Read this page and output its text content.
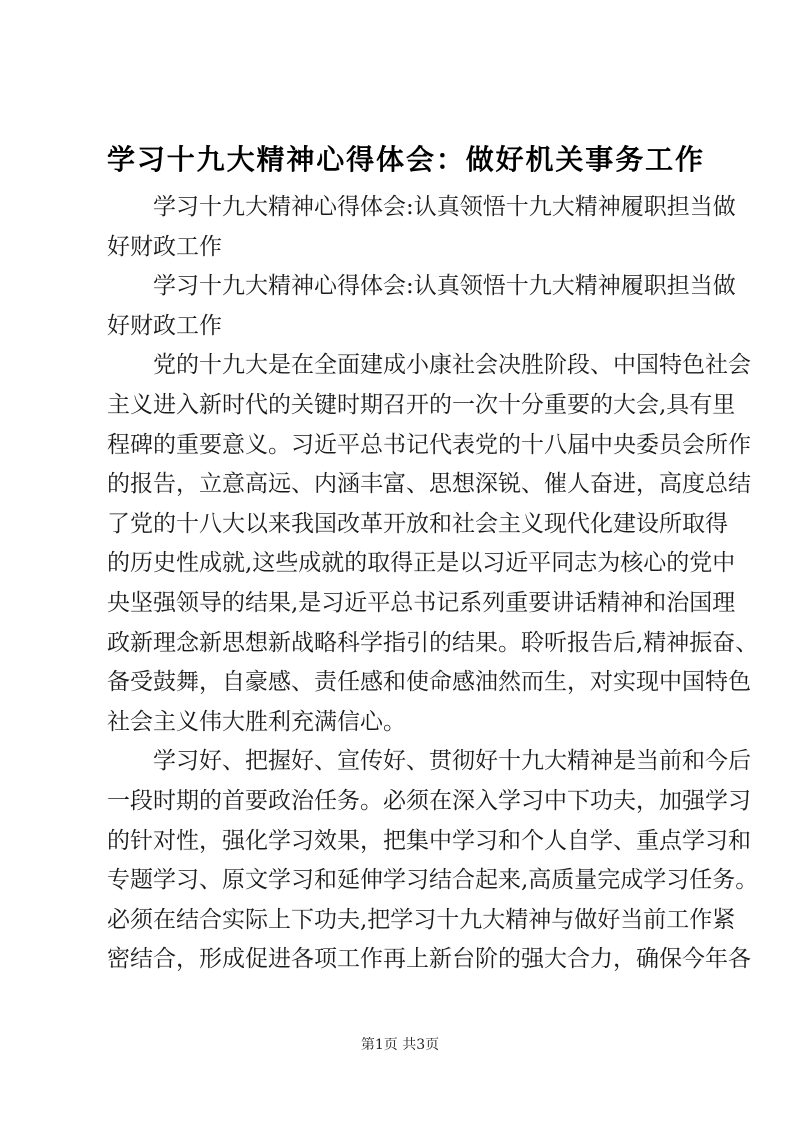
学习十九大精神心得体会：做好机关事务工作
学习十九大精神心得体会:认真领悟十九大精神履职担当做
好财政工作
学习十九大精神心得体会:认真领悟十九大精神履职担当做
好财政工作
党的十九大是在全面建成小康社会决胜阶段、中国特色社会
主义进入新时代的关键时期召开的一次十分重要的大会,具有里
程碑的重要意义。习近平总书记代表党的十八届中央委员会所作
的报告，立意高远、内涵丰富、思想深锐、催人奋进，高度总结
了党的十八大以来我国改革开放和社会主义现代化建设所取得
的历史性成就,这些成就的取得正是以习近平同志为核心的党中
央坚强领导的结果,是习近平总书记系列重要讲话精神和治国理
政新理念新思想新战略科学指引的结果。聆听报告后,精神振奋、
备受鼓舞，自豪感、责任感和使命感油然而生，对实现中国特色
社会主义伟大胜利充满信心。
学习好、把握好、宣传好、贯彻好十九大精神是当前和今后
一段时期的首要政治任务。必须在深入学习中下功夫，加强学习
的针对性，强化学习效果，把集中学习和个人自学、重点学习和
专题学习、原文学习和延伸学习结合起来,高质量完成学习任务。
必须在结合实际上下功夫,把学习十九大精神与做好当前工作紧
密结合，形成促进各项工作再上新台阶的强大合力，确保今年各
第1页 共3页
